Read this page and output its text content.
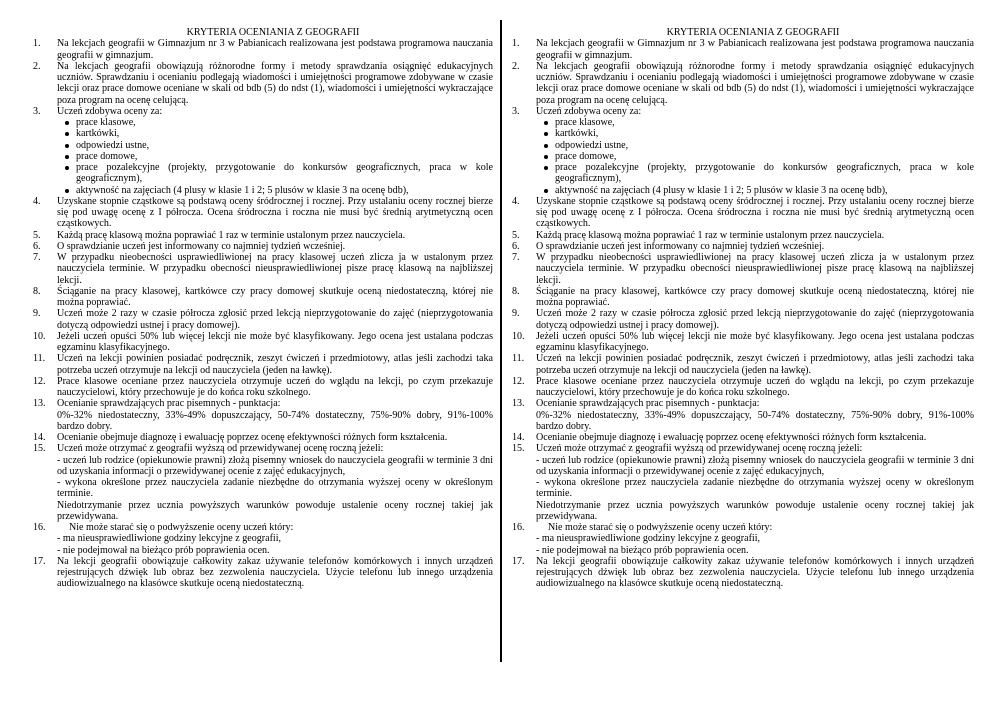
KRYTERIA OCENIANIA Z GEOGRAFII

1.	Na lekcjach geografii w Gimnazjum nr 3 w Pabianicach realizowana jest podstawa programowa nauczania geografii w gimnazjum.

2.	Na lekcjach geografii obowiązują różnorodne formy i metody sprawdzania osiągnięć edukacyjnych uczniów. Sprawdzaniu i ocenianiu podlegają wiadomości i umiejętności programowe zdobywane w czasie lekcji oraz prace domowe oceniane w skali od bdb (5) do ndst (1), wiadomości i umiejętności wykraczające poza program na ocenę celującą.

3.	Uczeń zdobywa oceny za:

prace klasowe,
kartkówki,
odpowiedzi ustne,
prace domowe,
prace pozalekcyjne (projekty, przygotowanie do konkursów geograficznych, praca w kole geograficznym),
aktywność na zajęciach (4 plusy w klasie 1 i 2; 5 plusów w klasie 3 na ocenę bdb),
4.	Uzyskane stopnie cząstkowe są podstawą oceny śródrocznej i rocznej. Przy ustalaniu oceny rocznej bierze się pod uwagę ocenę z I półrocza. Ocena śródroczna i roczna nie musi być średnią arytmetyczną ocen cząstkowych.

5.	Każdą pracę klasową można poprawiać 1 raz w terminie ustalonym przez nauczyciela.

6.	O sprawdzianie uczeń jest informowany co najmniej tydzień wcześniej.

7.	W przypadku nieobecności usprawiedliwionej na pracy klasowej uczeń zlicza ja w ustalonym przez nauczyciela terminie. W przypadku obecności nieusprawiedliwionej pisze pracę klasową na najbliższej lekcji.

8.	Ściąganie na pracy klasowej, kartkówce czy pracy domowej skutkuje oceną niedostateczną, której nie można poprawiać.

9.	Uczeń może 2 razy w czasie półrocza zgłosić przed lekcją nieprzygotowanie do zajęć (nieprzygotowania dotyczą odpowiedzi ustnej i pracy domowej).

10.	Jeżeli uczeń opuści 50% lub więcej lekcji nie może być klasyfikowany. Jego ocena jest ustalana podczas egzaminu klasyfikacyjnego.

11.	Uczeń na lekcji powinien posiadać podręcznik, zeszyt ćwiczeń i przedmiotowy, atlas jeśli zachodzi taka potrzeba uczeń otrzymuje na lekcji od nauczyciela (jeden na ławkę).

12.	Prace klasowe oceniane przez nauczyciela otrzymuje uczeń do wglądu na lekcji, po czym przekazuje nauczycielowi, który przechowuje je do końca roku szkolnego.

13.	Ocenianie sprawdzających prac pisemnych - punktacja:

0%-32% niedostateczny, 33%-49% dopuszczający, 50-74% dostateczny, 75%-90% dobry, 91%-100% bardzo dobry.

14.	Ocenianie obejmuje diagnozę i ewaluację poprzez ocenę efektywności różnych form kształcenia.

15.	Uczeń może otrzymać z geografii wyższą od przewidywanej ocenę roczną jeżeli:

- uczeń lub rodzice (opiekunowie prawni) złożą pisemny wniosek do nauczyciela geografii w terminie 3 dni od uzyskania informacji o przewidywanej ocenie z zajęć edukacyjnych,

- wykona określone przez nauczyciela zadanie niezbędne do otrzymania wyższej oceny w określonym terminie.

Niedotrzymanie przez ucznia powyższych warunków powoduje ustalenie oceny rocznej takiej jak przewidywana.

16.	Nie może starać się o podwyższenie oceny uczeń który:

- ma nieusprawiedliwione godziny lekcyjne z geografii,

- nie podejmował na bieżąco prób poprawienia ocen.

17.	Na lekcji geografii obowiązuje całkowity zakaz używanie telefonów komórkowych i innych urządzeń rejestrujących dźwięk lub obraz bez zezwolenia nauczyciela. Użycie telefonu lub innego urządzenia audiowizualnego na klasówce skutkuje oceną niedostateczną.

KRYTERIA OCENIANIA Z GEOGRAFII

1.	Na lekcjach geografii w Gimnazjum nr 3 w Pabianicach realizowana jest podstawa programowa nauczania geografii w gimnazjum.

2.	Na lekcjach geografii obowiązują różnorodne formy i metody sprawdzania osiągnięć edukacyjnych uczniów. Sprawdzaniu i ocenianiu podlegają wiadomości i umiejętności programowe zdobywane w czasie lekcji oraz prace domowe oceniane w skali od bdb (5) do ndst (1), wiadomości i umiejętności wykraczające poza program na ocenę celującą.

3.	Uczeń zdobywa oceny za:

prace klasowe,
kartkówki,
odpowiedzi ustne,
prace domowe,
prace pozalekcyjne (projekty, przygotowanie do konkursów geograficznych, praca w kole geograficznym),
aktywność na zajęciach (4 plusy w klasie 1 i 2; 5 plusów w klasie 3 na ocenę bdb),
4.	Uzyskane stopnie cząstkowe są podstawą oceny śródrocznej i rocznej. Przy ustalaniu oceny rocznej bierze się pod uwagę ocenę z I półrocza. Ocena śródroczna i roczna nie musi być średnią arytmetyczną ocen cząstkowych.

5.	Każdą pracę klasową można poprawiać 1 raz w terminie ustalonym przez nauczyciela.

6.	O sprawdzianie uczeń jest informowany co najmniej tydzień wcześniej.

7.	W przypadku nieobecności usprawiedliwionej na pracy klasowej uczeń zlicza ja w ustalonym przez nauczyciela terminie. W przypadku obecności nieusprawiedliwionej pisze pracę klasową na najbliższej lekcji.

8.	Ściąganie na pracy klasowej, kartkówce czy pracy domowej skutkuje oceną niedostateczną, której nie można poprawiać.

9.	Uczeń może 2 razy w czasie półrocza zgłosić przed lekcją nieprzygotowanie do zajęć (nieprzygotowania dotyczą odpowiedzi ustnej i pracy domowej).

10.	Jeżeli uczeń opuści 50% lub więcej lekcji nie może być klasyfikowany. Jego ocena jest ustalana podczas egzaminu klasyfikacyjnego.

11.	Uczeń na lekcji powinien posiadać podręcznik, zeszyt ćwiczeń i przedmiotowy, atlas jeśli zachodzi taka potrzeba uczeń otrzymuje na lekcji od nauczyciela (jeden na ławkę).

12.	Prace klasowe oceniane przez nauczyciela otrzymuje uczeń do wglądu na lekcji, po czym przekazuje nauczycielowi, który przechowuje je do końca roku szkolnego.

13.	Ocenianie sprawdzających prac pisemnych - punktacja:

0%-32% niedostateczny, 33%-49% dopuszczający, 50-74% dostateczny, 75%-90% dobry, 91%-100% bardzo dobry.

14.	Ocenianie obejmuje diagnozę i ewaluację poprzez ocenę efektywności różnych form kształcenia.

15.	Uczeń może otrzymać z geografii wyższą od przewidywanej ocenę roczną jeżeli:

- uczeń lub rodzice (opiekunowie prawni) złożą pisemny wniosek do nauczyciela geografii w terminie 3 dni od uzyskania informacji o przewidywanej ocenie z zajęć edukacyjnych,

- wykona określone przez nauczyciela zadanie niezbędne do otrzymania wyższej oceny w określonym terminie.

Niedotrzymanie przez ucznia powyższych warunków powoduje ustalenie oceny rocznej takiej jak przewidywana.

16.	Nie może starać się o podwyższenie oceny uczeń który:

- ma nieusprawiedliwione godziny lekcyjne z geografii,

- nie podejmował na bieżąco prób poprawienia ocen.

17.	Na lekcji geografii obowiązuje całkowity zakaz używanie telefonów komórkowych i innych urządzeń rejestrujących dźwięk lub obraz bez zezwolenia nauczyciela. Użycie telefonu lub innego urządzenia audiowizualnego na klasówce skutkuje oceną niedostateczną.
